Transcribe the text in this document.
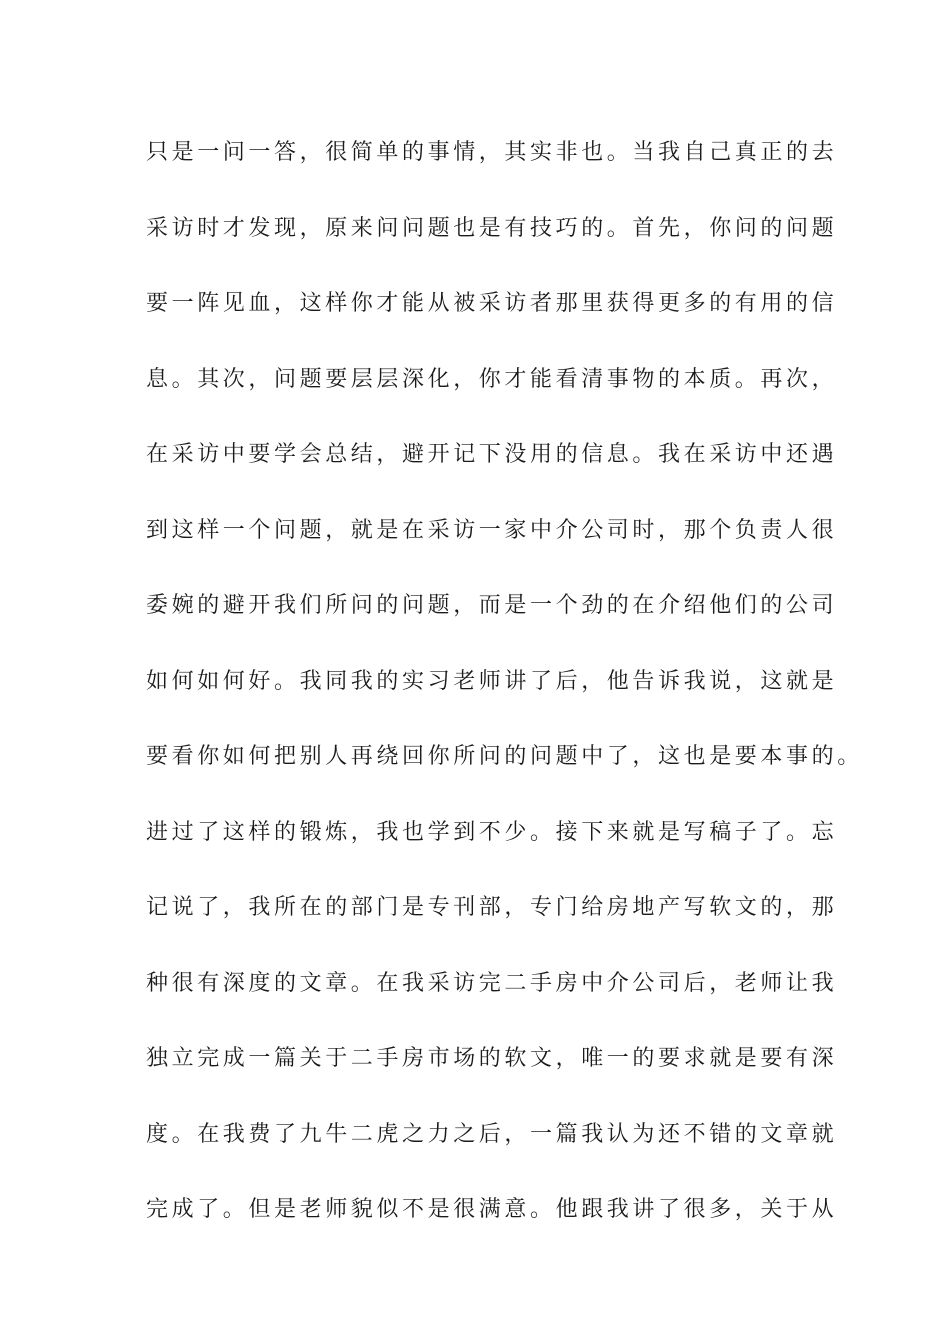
只是一问一答，很简单的事情，其实非也。当我自己真正的去
采访时才发现，原来问问题也是有技巧的。首先，你问的问题
要一阵见血，这样你才能从被采访者那里获得更多的有用的信
息。其次，问题要层层深化，你才能看清事物的本质。再次，
在采访中要学会总结，避开记下没用的信息。我在采访中还遇
到这样一个问题，就是在采访一家中介公司时，那个负责人很
委婉的避开我们所问的问题，而是一个劲的在介绍他们的公司
如何如何好。我同我的实习老师讲了后，他告诉我说，这就是
要看你如何把别人再绕回你所问的问题中了，这也是要本事的。
进过了这样的锻炼，我也学到不少。接下来就是写稿子了。忘
记说了，我所在的部门是专刊部，专门给房地产写软文的，那
种很有深度的文章。在我采访完二手房中介公司后，老师让我
独立完成一篇关于二手房市场的软文，唯一的要求就是要有深
度。在我费了九牛二虎之力之后，一篇我认为还不错的文章就
完成了。但是老师貌似不是很满意。他跟我讲了很多，关于从
